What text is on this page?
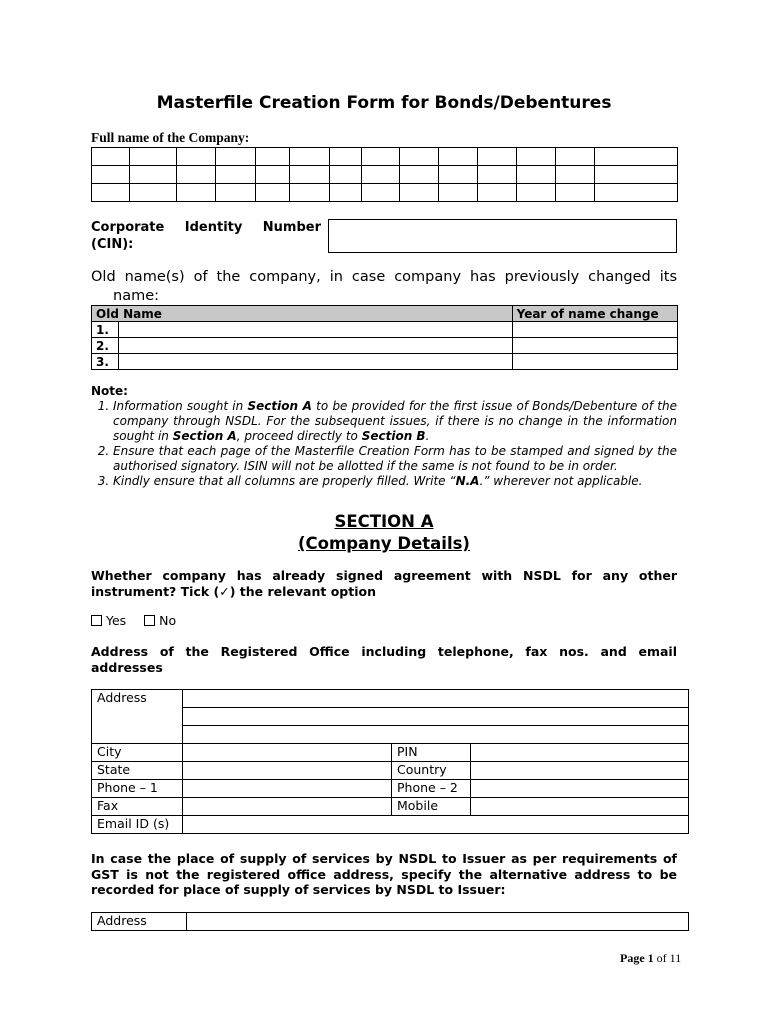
Masterfile Creation Form for Bonds/Debentures
Full name of the Company:

Corporate Identity Number
(CIN):
Old name(s) of the company, in case company has previously changed its
name:
Old Name		Year of name change
1.		
2.		
3.		
Note:
1. Information sought in Section A to be provided for the first issue of Bonds/Debenture of the company through NSDL. For the subsequent issues, if there is no change in the information sought in Section A, proceed directly to Section B.
2. Ensure that each page of the Masterfile Creation Form has to be stamped and signed by the authorised signatory. ISIN will not be allotted if the same is not found to be in order.
3. Kindly ensure that all columns are properly filled. Write “N.A.” wherever not applicable.
SECTION A
(Company Details)
Whether company has already signed agreement with NSDL for any other instrument? Tick (✓) the relevant option
Yes	No
Address of the Registered Office including telephone, fax nos. and email addresses
Address			

City		PIN	
State		Country	
Phone – 1		Phone – 2	
Fax		Mobile	
Email ID (s)			
In case the place of supply of services by NSDL to Issuer as per requirements of GST is not the registered office address, specify the alternative address to be recorded for place of supply of services by NSDL to Issuer:
Address	
Page 1 of 11
